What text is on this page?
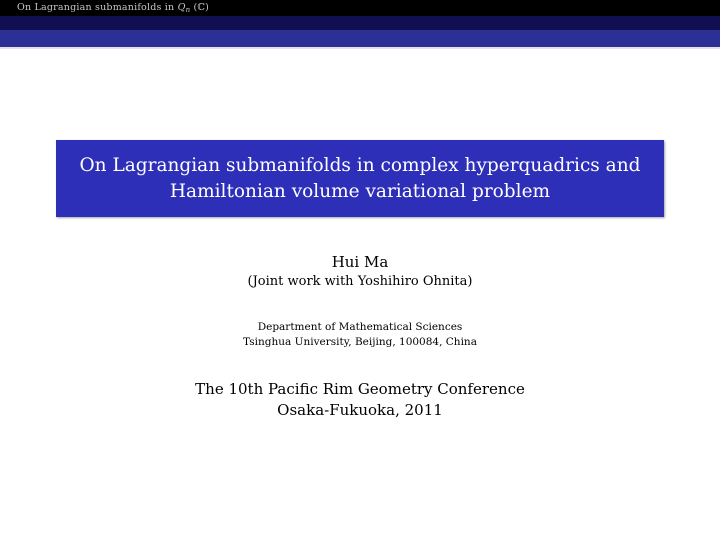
On Lagrangian submanifolds in $Q_n$ (ℂ)
On Lagrangian submanifolds in complex hyperquadrics and
Hamiltonian volume variational problem
Hui Ma
(Joint work with Yoshihiro Ohnita)
Department of Mathematical Sciences
Tsinghua University, Beijing, 100084, China
The 10th Pacific Rim Geometry Conference
Osaka-Fukuoka, 2011
